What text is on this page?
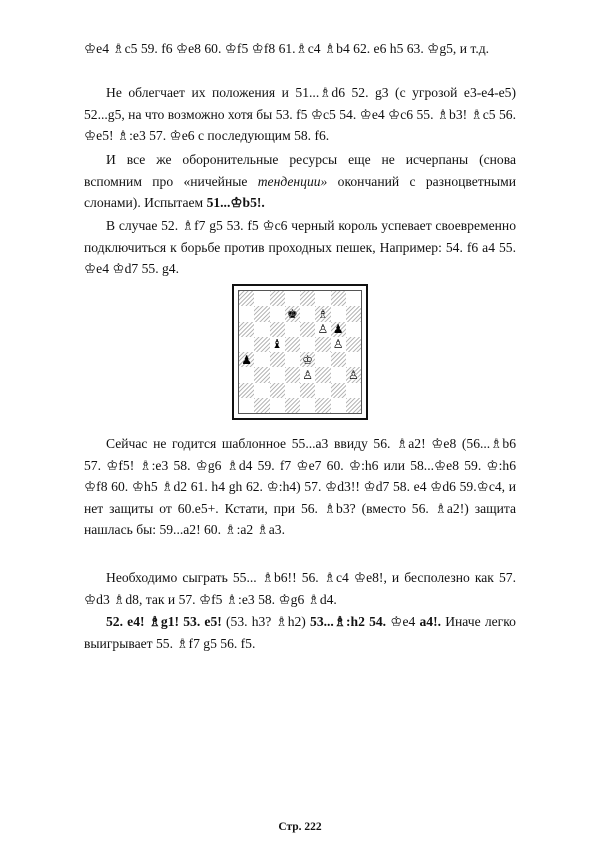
♔е4 ♗c5 59. f6 ♔е8 60. ♔f5 ♔f8 61.♗c4 ♗b4 62. е6 h5 63. ♔g5, и т.д.

Не облегчает их положения и 51...♗d6 52. g3 (с угрозой е3-е4-е5) 52...g5, на что возможно хотя бы 53. f5 ♔c5 54. ♔е4 ♔c6 55. ♗b3! ♗c5 56. ♔е5! ♗:е3 57. ♔е6 с последующим 58. f6.

И все же оборонительные ресурсы еще не исчерпаны (снова вспомним про «ничейные тенденции» окончаний с разноцветными слонами). Испытаем 51...♔b5!.

В случае 52. ♗f7 g5 53. f5 ♔c6 черный король успевает своевременно подключиться к борьбе против проходных пешек, Например: 54. f6 а4 55. ♔е4 ♔d7 55. g4.

♚ ♗
♙ ♟
♝	♙
♟	♔
♙	♙

Сейчас не годится шаблонное 55...а3 ввиду 56. ♗а2! ♔е8 (56...♗b6 57. ♔f5! ♗:е3 58. ♔g6 ♗d4 59. f7 ♔е7 60. ♔:h6 или 58...♔е8 59. ♔:h6 ♔f8 60. ♔h5 ♗d2 61. h4 gh 62. ♔:h4) 57. ♔d3!! ♔d7 58. е4 ♔d6 59.♔c4, и нет защиты от 60.е5+. Кстати, при 56. ♗b3? (вместо 56. ♗а2!) защита нашлась бы: 59...а2! 60. ♗:а2 ♗а3.

Необходимо сыграть 55... ♗b6!! 56. ♗c4 ♔е8!, и бесполезно как 57. ♔d3 ♗d8, так и 57. ♔f5 ♗:е3 58. ♔g6 ♗d4.

52. е4! ♗g1! 53. е5! (53. h3? ♗h2) 53...♗:h2 54. ♔е4 а4!. Иначе легко выигрывает 55. ♗f7 g5 56. f5.

Стр. 222
